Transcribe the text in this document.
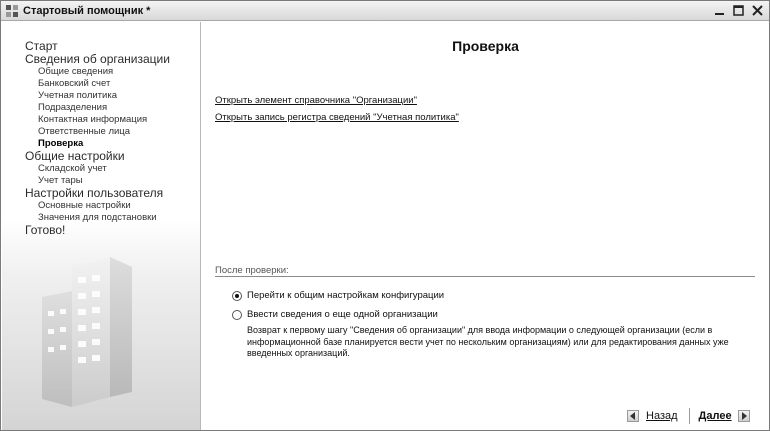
Стартовый помощник *
Старт
Сведения об организации
Общие сведения
Банковский счет
Учетная политика
Подразделения
Контактная информация
Ответственные лица
Проверка
Общие настройки
Складской учет
Учет тары
Настройки пользователя
Основные настройки
Значения для подстановки
Готово!
Проверка
Открыть элемент справочника "Организации"
Открыть запись регистра сведений "Учетная политика"
После проверки:
Перейти к общим настройкам конфигурации
Ввести сведения о еще одной организации
Возврат к первому шагу "Сведения об организации" для ввода информации о следующей организации (если в информационной базе планируется вести учет по нескольким организациям) или для редактирования данных уже введенных организаций.
Назад Далее
